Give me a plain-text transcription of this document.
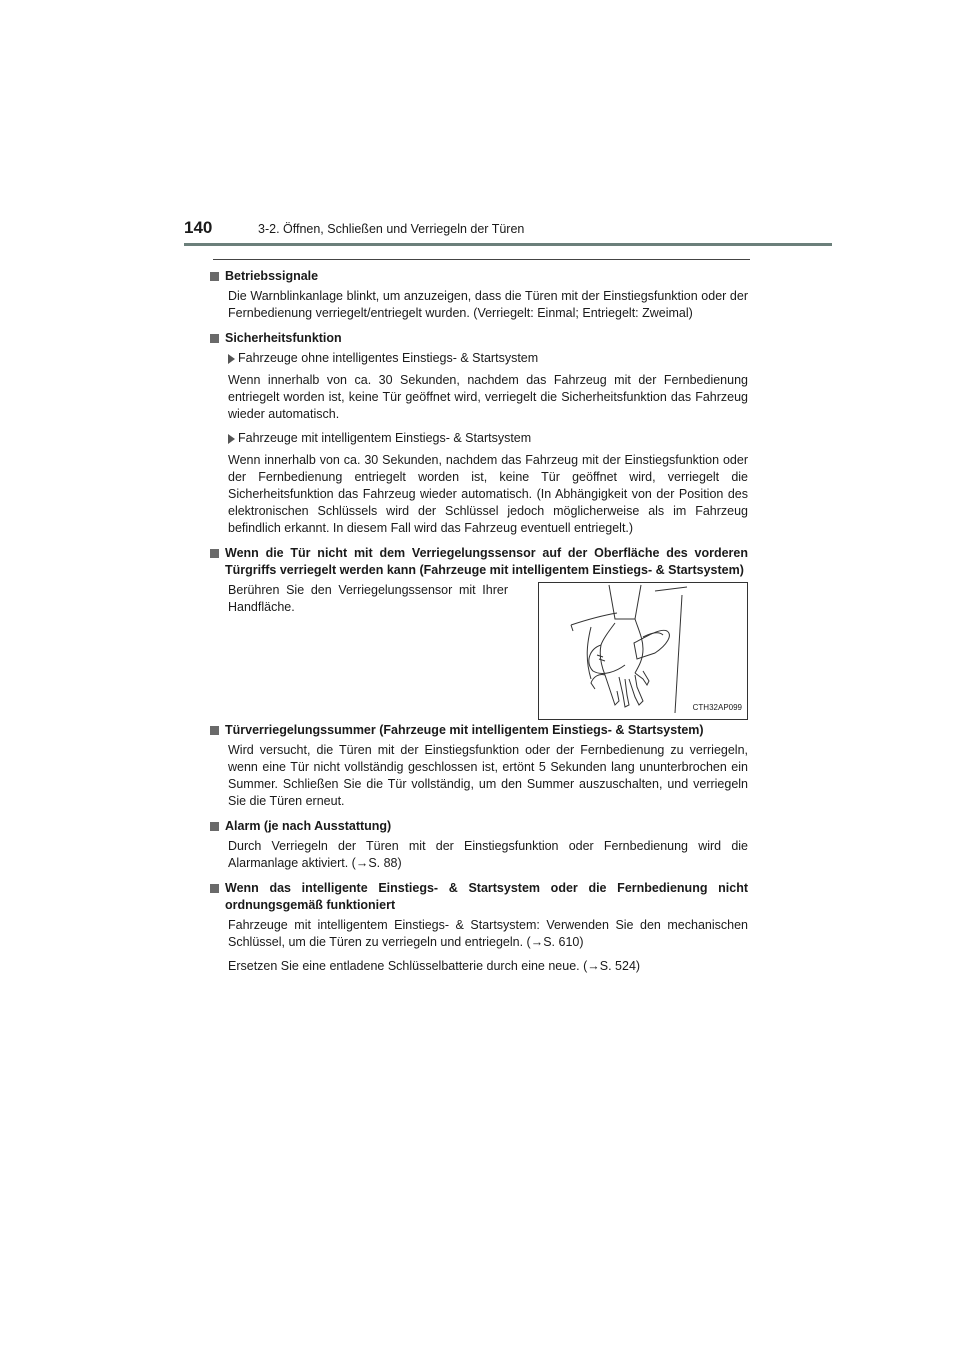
140	3-2. Öffnen, Schließen und Verriegeln der Türen
Betriebssignale

Die Warnblinkanlage blinkt, um anzuzeigen, dass die Türen mit der Einstiegsfunktion oder der Fernbedienung verriegelt/entriegelt wurden. (Verriegelt: Einmal; Entriegelt: Zweimal)

Sicherheitsfunktion
Fahrzeuge ohne intelligentes Einstiegs- & Startsystem

Wenn innerhalb von ca. 30 Sekunden, nachdem das Fahrzeug mit der Fernbedienung entriegelt worden ist, keine Tür geöffnet wird, verriegelt die Sicherheitsfunktion das Fahrzeug wieder automatisch.

Fahrzeuge mit intelligentem Einstiegs- & Startsystem

Wenn innerhalb von ca. 30 Sekunden, nachdem das Fahrzeug mit der Einstiegsfunktion oder der Fernbedienung entriegelt worden ist, keine Tür geöffnet wird, verriegelt die Sicherheitsfunktion das Fahrzeug wieder automatisch. (In Abhängigkeit von der Position des elektronischen Schlüssels wird der Schlüssel jedoch möglicherweise als im Fahrzeug befindlich erkannt. In diesem Fall wird das Fahrzeug eventuell entriegelt.)

Wenn die Tür nicht mit dem Verriegelungssensor auf der Oberfläche des vorderen Türgriffs verriegelt werden kann (Fahrzeuge mit intelligentem Einstiegs- & Startsystem)
Berühren Sie den Verriegelungssensor mit Ihrer Handfläche.
CTH32AP099
Türverriegelungssummer (Fahrzeuge mit intelligentem Einstiegs- & Startsystem)

Wird versucht, die Türen mit der Einstiegsfunktion oder der Fernbedienung zu verriegeln, wenn eine Tür nicht vollständig geschlossen ist, ertönt 5 Sekunden lang ununterbrochen ein Summer. Schließen Sie die Tür vollständig, um den Summer auszuschalten, und verriegeln Sie die Türen erneut.

Alarm (je nach Ausstattung)

Durch Verriegeln der Türen mit der Einstiegsfunktion oder Fernbedienung wird die Alarmanlage aktiviert. (→S. 88)

Wenn das intelligente Einstiegs- & Startsystem oder die Fernbedienung nicht ordnungsgemäß funktioniert

Fahrzeuge mit intelligentem Einstiegs- & Startsystem: Verwenden Sie den mechanischen Schlüssel, um die Türen zu verriegeln und entriegeln. (→S. 610)

Ersetzen Sie eine entladene Schlüsselbatterie durch eine neue. (→S. 524)
